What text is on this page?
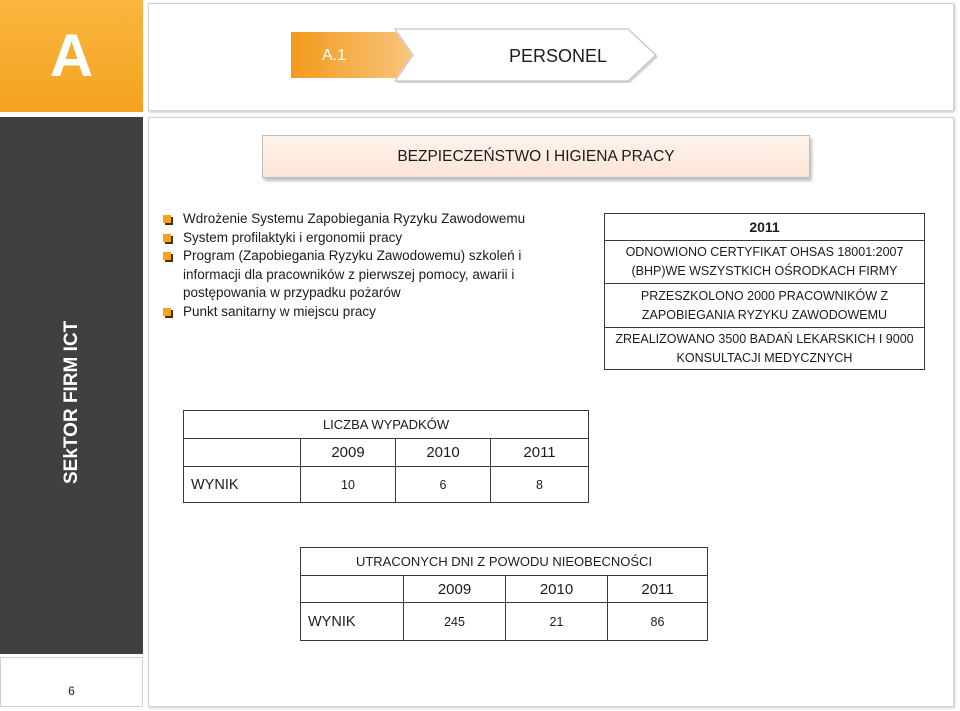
A	A.1	PERSONEL
SEkTOR FIRM ICT
6
BEZPIECZEŃSTWO I HIGIENA PRACY
Wdrożenie Systemu Zapobiegania Ryzyku Zawodowemu
System profilaktyki i ergonomii pracy
Program (Zapobiegania Ryzyku Zawodowemu) szkoleń i informacji dla pracowników z pierwszej pomocy, awarii i postępowania w przypadku pożarów
Punkt sanitarny w miejscu pracy
2011
ODNOWIONO CERTYFIKAT OHSAS 18001:2007 (BHP)WE WSZYSTKICH OŚRODKACH FIRMY
PRZESZKOLONO 2000 PRACOWNIKÓW Z ZAPOBIEGANIA RYZYKU ZAWODOWEMU
ZREALIZOWANO 3500 BADAŃ LEKARSKICH I 9000 KONSULTACJI MEDYCZNYCH
LICZBA WYPADKÓW			
	2009	2010	2011
WYNIK	10	6	8
UTRACONYCH DNI Z POWODU NIEOBECNOŚCI			
	2009	2010	2011
WYNIK	245	21	86
